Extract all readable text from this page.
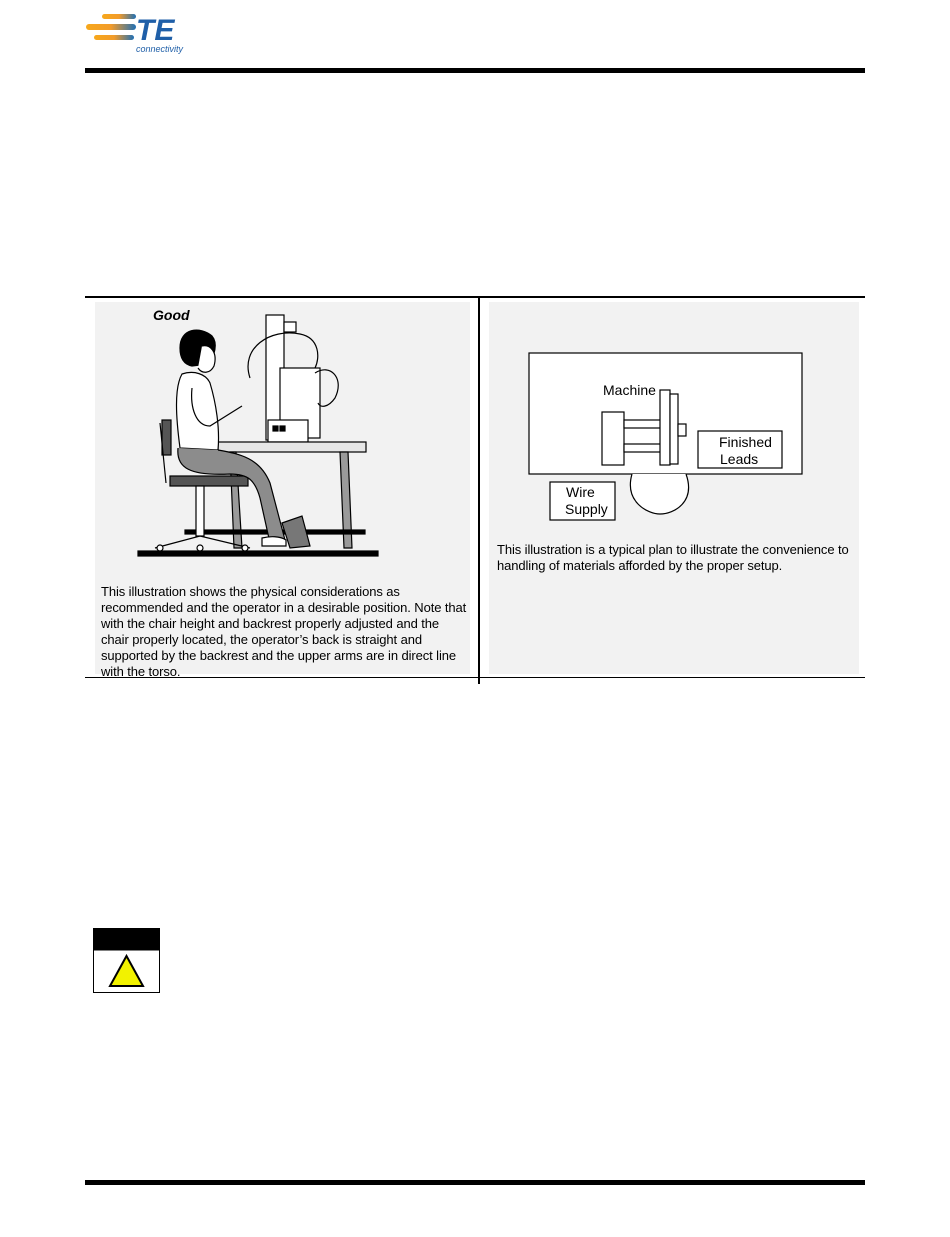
TE
connectivity
Good
This illustration shows the physical considerations as recommended and the operator in a desirable position. Note that with the chair height and backrest properly adjusted and the chair properly located, the operator’s back is straight and supported by the backrest and the upper arms are in direct line with the torso.
Machine
Finished
Leads
Wire
Supply
This illustration is a typical plan to illustrate the convenience to handling of materials afforded by the proper setup.
